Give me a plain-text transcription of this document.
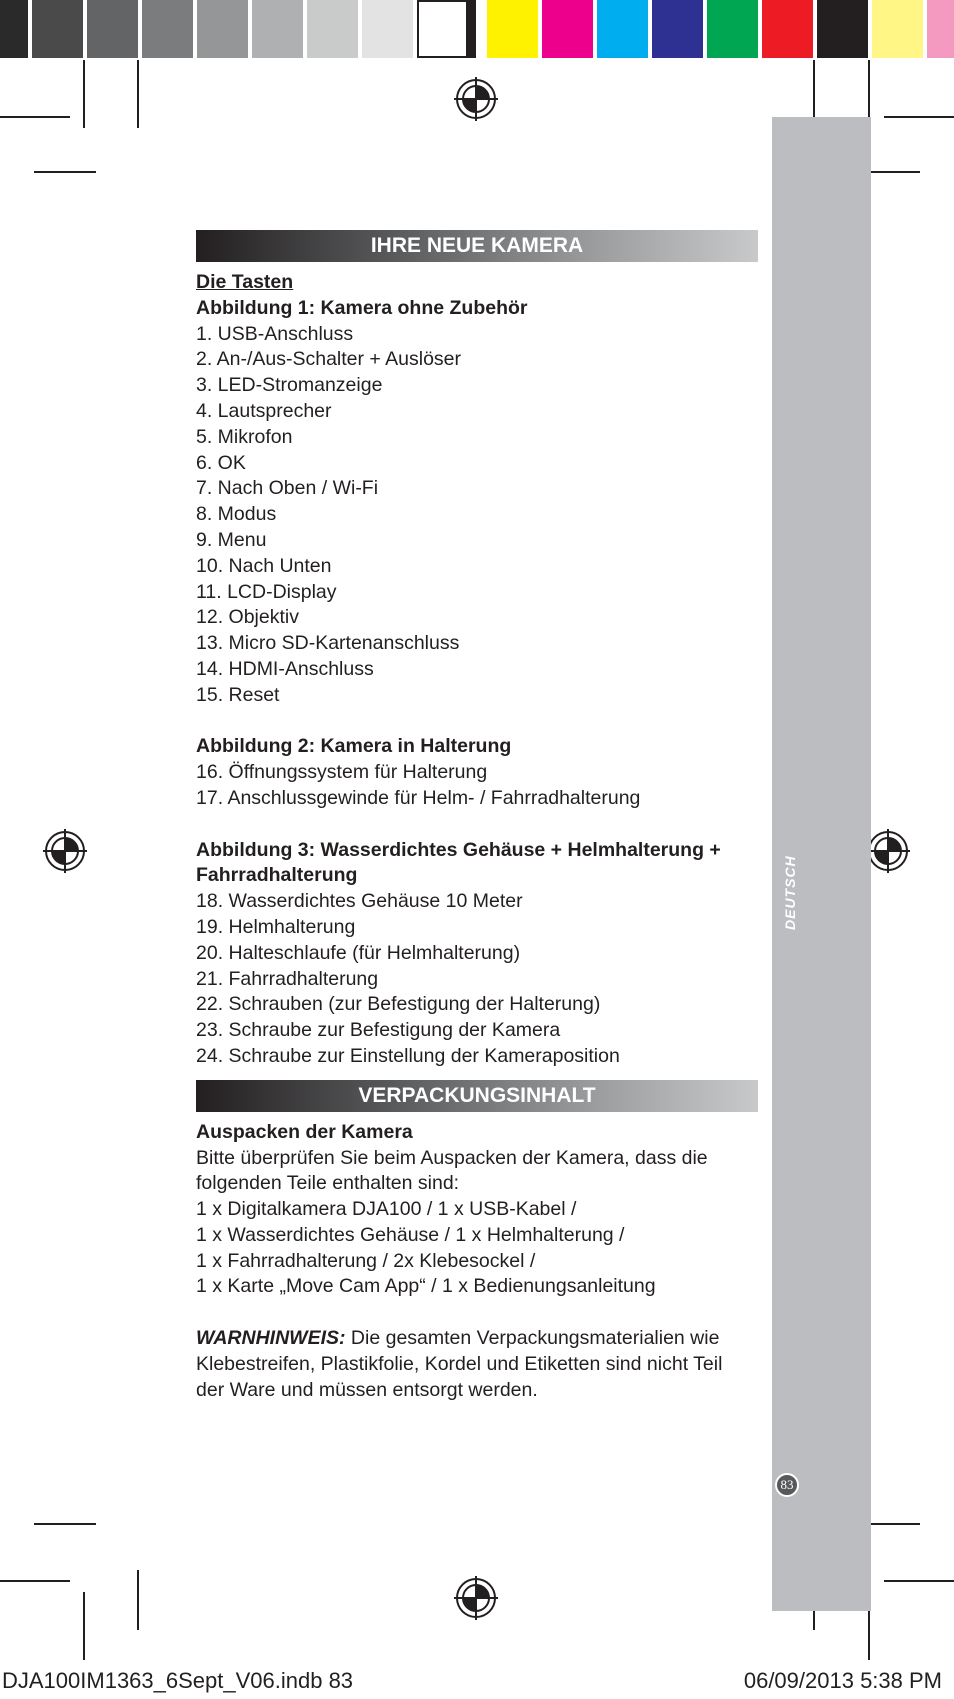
DEUTSCH
83
IHRE NEUE KAMERA
Die Tasten
Abbildung 1: Kamera ohne Zubehör
1. USB-Anschluss
2. An-/Aus-Schalter + Auslöser
3. LED-Stromanzeige
4. Lautsprecher
5. Mikrofon
6. OK
7. Nach Oben / Wi-Fi
8. Modus
9. Menu
10. Nach Unten
11. LCD-Display
12. Objektiv
13. Micro SD-Kartenanschluss
14. HDMI-Anschluss
15. Reset
Abbildung 2: Kamera in Halterung
16. Öffnungssystem für Halterung
17. Anschlussgewinde für Helm- / Fahrradhalterung
Abbildung 3: Wasserdichtes Gehäuse + Helmhalterung +
Fahrradhalterung
18. Wasserdichtes Gehäuse 10 Meter
19. Helmhalterung
20. Halteschlaufe (für Helmhalterung)
21. Fahrradhalterung
22. Schrauben (zur Befestigung der Halterung)
23. Schraube zur Befestigung der Kamera
24. Schraube zur Einstellung der Kameraposition
VERPACKUNGSINHALT
Auspacken der Kamera
Bitte überprüfen Sie beim Auspacken der Kamera, dass die
folgenden Teile enthalten sind:
1 x Digitalkamera DJA100 / 1 x USB-Kabel /
1 x Wasserdichtes Gehäuse / 1 x Helmhalterung /
1 x Fahrradhalterung / 2x Klebesockel /
1 x Karte „Move Cam App“ / 1 x Bedienungsanleitung
WARNHINWEIS: Die gesamten Verpackungsmaterialien wie
Klebestreifen, Plastikfolie, Kordel und Etiketten sind nicht Teil
der Ware und müssen entsorgt werden.
DJA100IM1363_6Sept_V06.indb 83	06/09/2013 5:38 PM
